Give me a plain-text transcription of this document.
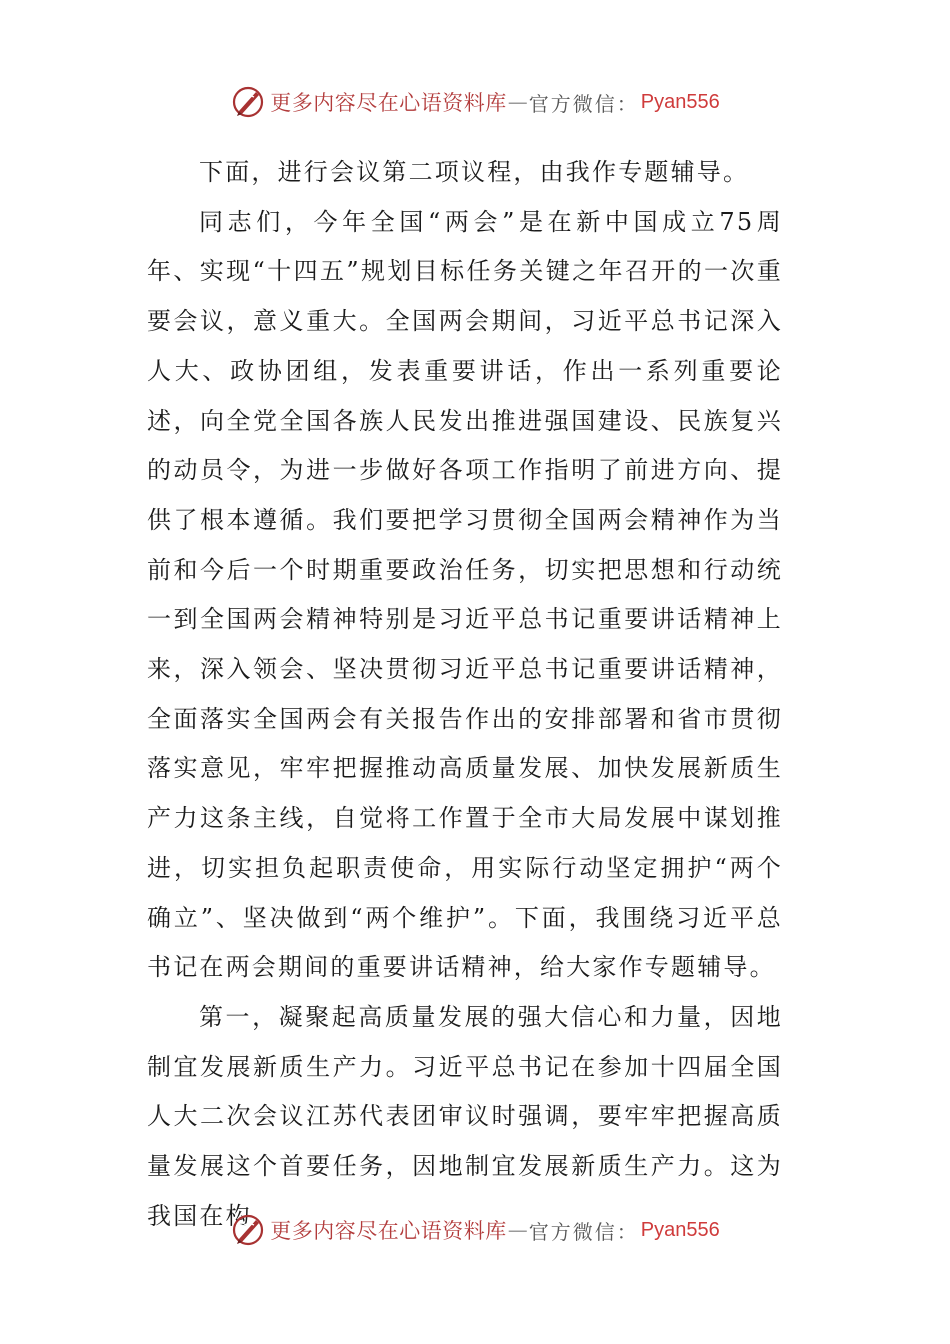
更多内容尽在心语资料库 — 官方微信： Pyan556

下面，进行会议第二项议程，由我作专题辅导。

同志们，今年全国“两会”是在新中国成立75周年、实现“十四五”规划目标任务关键之年召开的一次重要会议，意义重大。全国两会期间，习近平总书记深入人大、政协团组，发表重要讲话，作出一系列重要论述，向全党全国各族人民发出推进强国建设、民族复兴的动员令，为进一步做好各项工作指明了前进方向、提供了根本遵循。我们要把学习贯彻全国两会精神作为当前和今后一个时期重要政治任务，切实把思想和行动统一到全国两会精神特别是习近平总书记重要讲话精神上来，深入领会、坚决贯彻习近平总书记重要讲话精神，全面落实全国两会有关报告作出的安排部署和省市贯彻落实意见，牢牢把握推动高质量发展、加快发展新质生产力这条主线，自觉将工作置于全市大局发展中谋划推进，切实担负起职责使命，用实际行动坚定拥护“两个确立”、坚决做到“两个维护”。下面，我围绕习近平总书记在两会期间的重要讲话精神，给大家作专题辅导。

第一，凝聚起高质量发展的强大信心和力量，因地制宜发展新质生产力。习近平总书记在参加十四届全国人大二次会议江苏代表团审议时强调，要牢牢把握高质量发展这个首要任务，因地制宜发展新质生产力。这为我国在构

更多内容尽在心语资料库 — 官方微信： Pyan556
